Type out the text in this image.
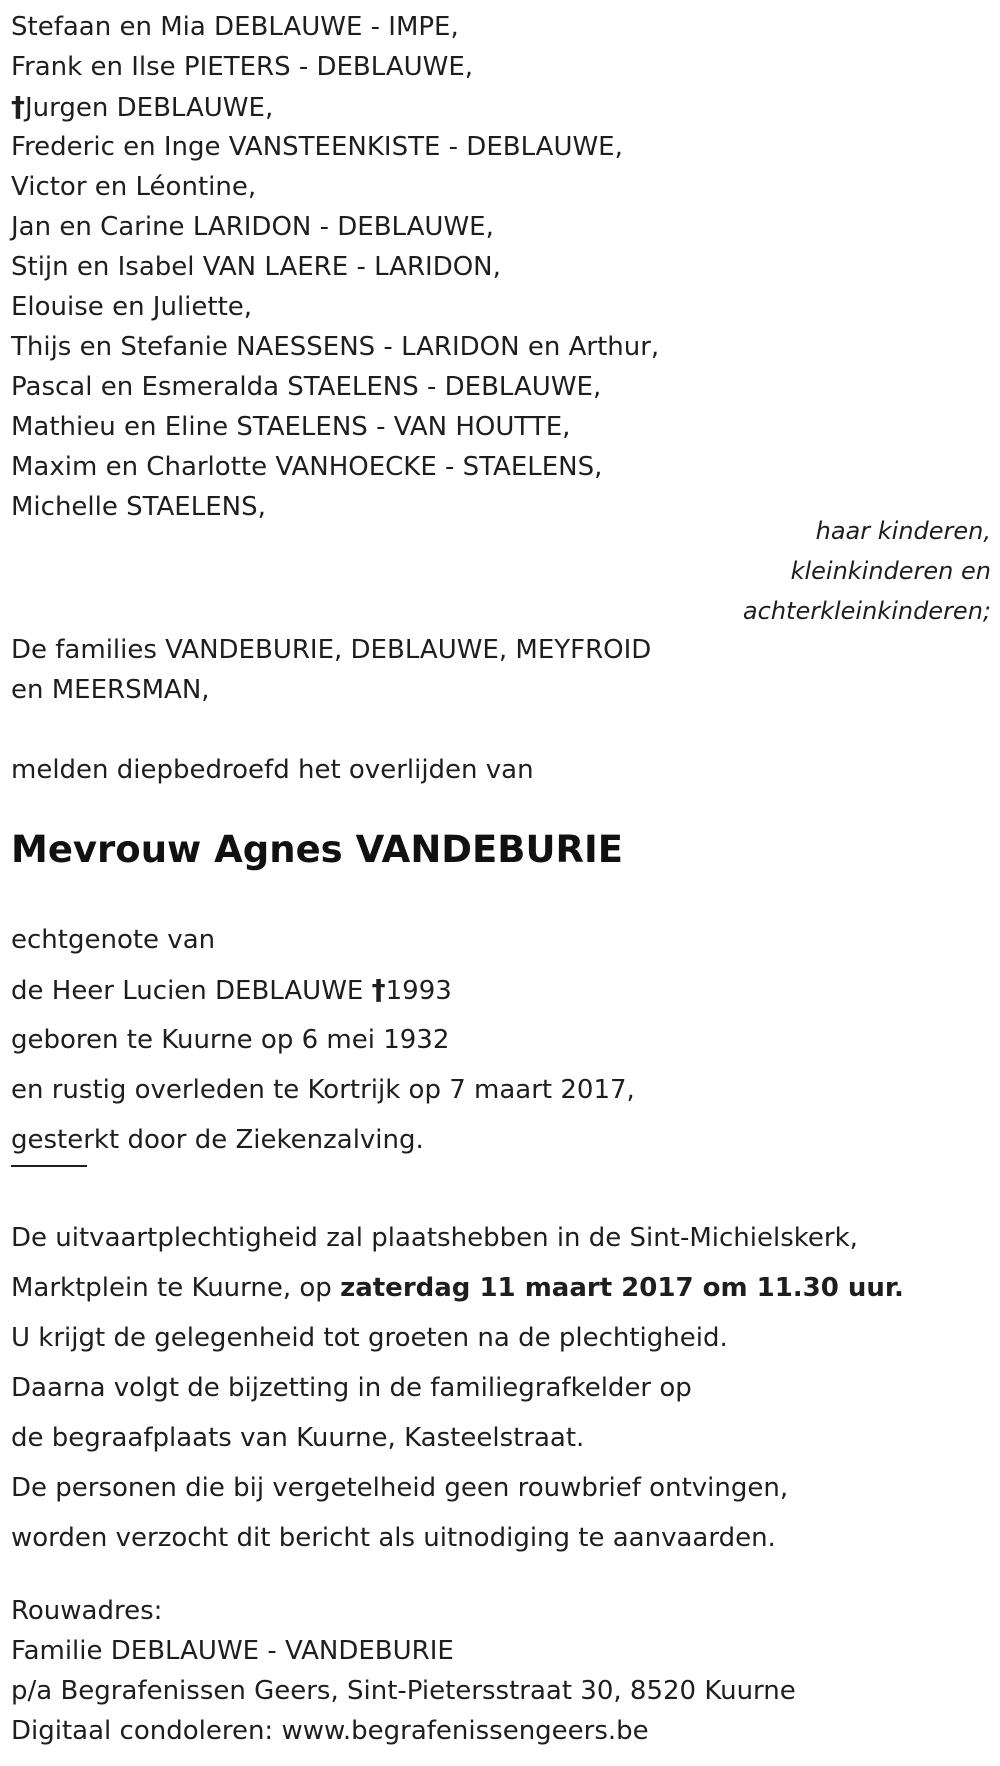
Stefaan en Mia DEBLAUWE - IMPE,
Frank en Ilse PIETERS - DEBLAUWE,
†Jurgen DEBLAUWE,
Frederic en Inge VANSTEENKISTE - DEBLAUWE,
Victor en Léontine,
Jan en Carine LARIDON - DEBLAUWE,
Stijn en Isabel VAN LAERE - LARIDON,
Elouise en Juliette,
Thijs en Stefanie NAESSENS - LARIDON en Arthur,
Pascal en Esmeralda STAELENS - DEBLAUWE,
Mathieu en Eline STAELENS - VAN HOUTTE,
Maxim en Charlotte VANHOECKE - STAELENS,
Michelle STAELENS,
haar kinderen,
kleinkinderen en
achterkleinkinderen;
De families VANDEBURIE, DEBLAUWE, MEYFROID
en MEERSMAN,
melden diepbedroefd het overlijden van
Mevrouw Agnes VANDEBURIE
echtgenote van
de Heer Lucien DEBLAUWE †1993
geboren te Kuurne op 6 mei 1932
en rustig overleden te Kortrijk op 7 maart 2017,
gesterkt door de Ziekenzalving.
De uitvaartplechtigheid zal plaatshebben in de Sint-Michielskerk,
Marktplein te Kuurne, op zaterdag 11 maart 2017 om 11.30 uur.
U krijgt de gelegenheid tot groeten na de plechtigheid.
Daarna volgt de bijzetting in de familiegrafkelder op
de begraafplaats van Kuurne, Kasteelstraat.
De personen die bij vergetelheid geen rouwbrief ontvingen,
worden verzocht dit bericht als uitnodiging te aanvaarden.
Rouwadres:
Familie DEBLAUWE - VANDEBURIE
p/a Begrafenissen Geers, Sint-Pietersstraat 30, 8520 Kuurne
Digitaal condoleren: www.begrafenissengeers.be
